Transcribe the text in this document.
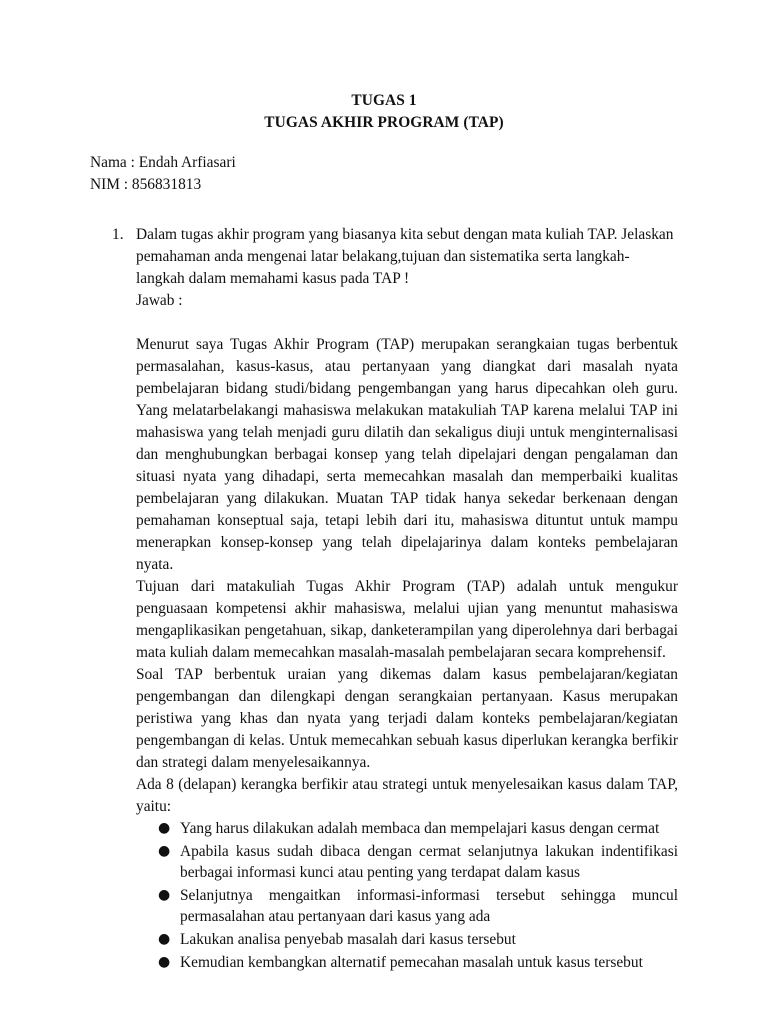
TUGAS 1
TUGAS AKHIR PROGRAM (TAP)
Nama : Endah Arfiasari
NIM : 856831813
1. Dalam tugas akhir program yang biasanya kita sebut dengan mata kuliah TAP. Jelaskan pemahaman anda mengenai latar belakang,tujuan dan sistematika serta langkah-langkah dalam memahami kasus pada TAP !

Jawab :

Menurut saya Tugas Akhir Program (TAP) merupakan serangkaian tugas berbentuk permasalahan, kasus-kasus, atau pertanyaan yang diangkat dari masalah nyata pembelajaran bidang studi/bidang pengembangan yang harus dipecahkan oleh guru. Yang melatarbelakangi mahasiswa melakukan matakuliah TAP karena melalui TAP ini mahasiswa yang telah menjadi guru dilatih dan sekaligus diuji untuk menginternalisasi dan menghubungkan berbagai konsep yang telah dipelajari dengan pengalaman dan situasi nyata yang dihadapi, serta memecahkan masalah dan memperbaiki kualitas pembelajaran yang dilakukan. Muatan TAP tidak hanya sekedar berkenaan dengan pemahaman konseptual saja, tetapi lebih dari itu, mahasiswa dituntut untuk mampu menerapkan konsep-konsep yang telah dipelajarinya dalam konteks pembelajaran nyata.

Tujuan dari matakuliah Tugas Akhir Program (TAP) adalah untuk mengukur penguasaan kompetensi akhir mahasiswa, melalui ujian yang menuntut mahasiswa mengaplikasikan pengetahuan, sikap, danketerampilan yang diperolehnya dari berbagai mata kuliah dalam memecahkan masalah-masalah pembelajaran secara komprehensif.

Soal TAP berbentuk uraian yang dikemas dalam kasus pembelajaran/kegiatan pengembangan dan dilengkapi dengan serangkaian pertanyaan. Kasus merupakan peristiwa yang khas dan nyata yang terjadi dalam konteks pembelajaran/kegiatan pengembangan di kelas. Untuk memecahkan sebuah kasus diperlukan kerangka berfikir dan strategi dalam menyelesaikannya.

Ada 8 (delapan) kerangka berfikir atau strategi untuk menyelesaikan kasus dalam TAP, yaitu:

● Yang harus dilakukan adalah membaca dan mempelajari kasus dengan cermat
● Apabila kasus sudah dibaca dengan cermat selanjutnya lakukan indentifikasi berbagai informasi kunci atau penting yang terdapat dalam kasus
● Selanjutnya mengaitkan informasi-informasi tersebut sehingga muncul permasalahan atau pertanyaan dari kasus yang ada
● Lakukan analisa penyebab masalah dari kasus tersebut
● Kemudian kembangkan alternatif pemecahan masalah untuk kasus tersebut
